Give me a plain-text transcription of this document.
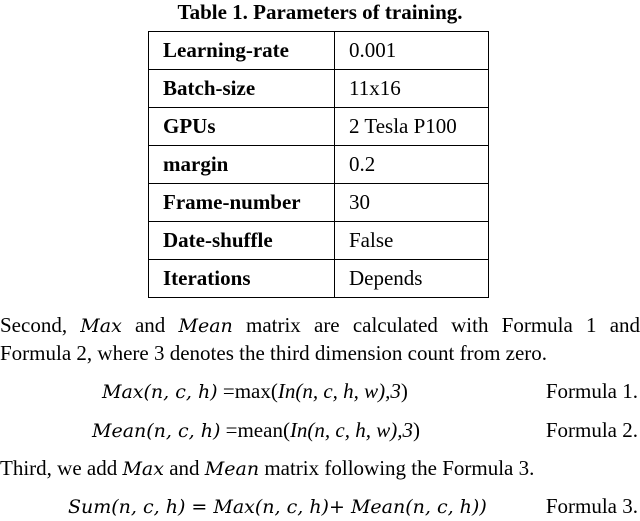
Table 1. Parameters of training.
Learning-rate	0.001
Batch-size	11x16
GPUs	2 Tesla P100
margin	0.2
Frame-number	30
Date-shuffle	False
Iterations	Depends
Second, Max and Mean matrix are calculated with Formula 1 and
Formula 2, where 3 denotes the third dimension count from zero.
Max(n, c, h) =max(In(n, c, h, w),3)	Formula 1.
Mean(n, c, h) =mean(In(n, c, h, w),3)	Formula 2.
Third, we add Max and Mean matrix following the Formula 3.
Sum(n, c, h) = Max(n, c, h)+ Mean(n, c, h))	Formula 3.
